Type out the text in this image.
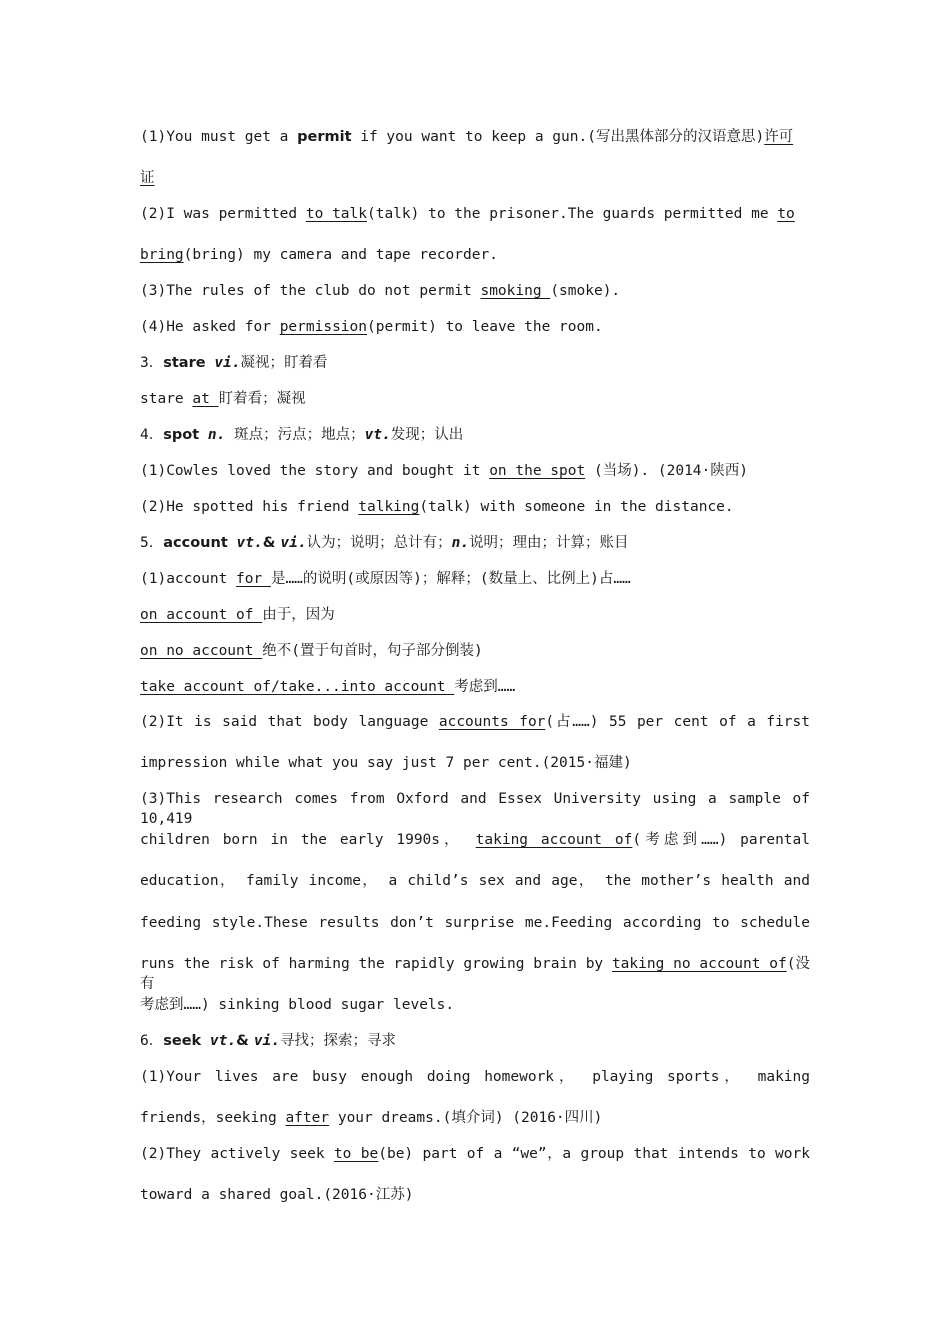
(1)You must get a permit if you want to keep a gun.(写出黑体部分的汉语意思)许可
证
(2)I was permitted to talk(talk) to the prisoner.The guards permitted me to
bring(bring) my camera and tape recorder.
(3)The rules of the club do not permit smoking (smoke).
(4)He asked for permission(permit) to leave the room.
3．stare vi.凝视；盯着看
stare at 盯着看；凝视
4．spot n. 斑点；污点；地点；vt.发现；认出
(1)Cowles loved the story and bought it on the spot (当场). (2014·陕西)
(2)He spotted his friend talking(talk) with someone in the distance.
5．account vt.& vi.认为；说明；总计有；n.说明；理由；计算；账目
(1)account for 是……的说明(或原因等)；解释；(数量上、比例上)占……
on account of 由于，因为
on no account 绝不(置于句首时，句子部分倒装)
take account of/take...into account 考虑到……
(2)It is said that body language accounts for(占……) 55 per cent of a first
impression while what you say just 7 per cent.(2015·福建)
(3)This research comes from Oxford and Essex University using a sample of 10,419
children born in the early 1990s， taking account of(考虑到……) parental
education， family income， a child’s sex and age， the mother’s health and
feeding style.These results don’t surprise me.Feeding according to schedule
runs the risk of harming the rapidly growing brain by taking no account of(没有
考虑到……) sinking blood sugar levels.
6．seek vt.& vi.寻找；探索；寻求
(1)Your lives are busy enough doing homework， playing sports， making
friends，seeking after your dreams.(填介词) (2016·四川)
(2)They actively seek to be(be) part of a “we”，a group that intends to work
toward a shared goal.(2016·江苏)
